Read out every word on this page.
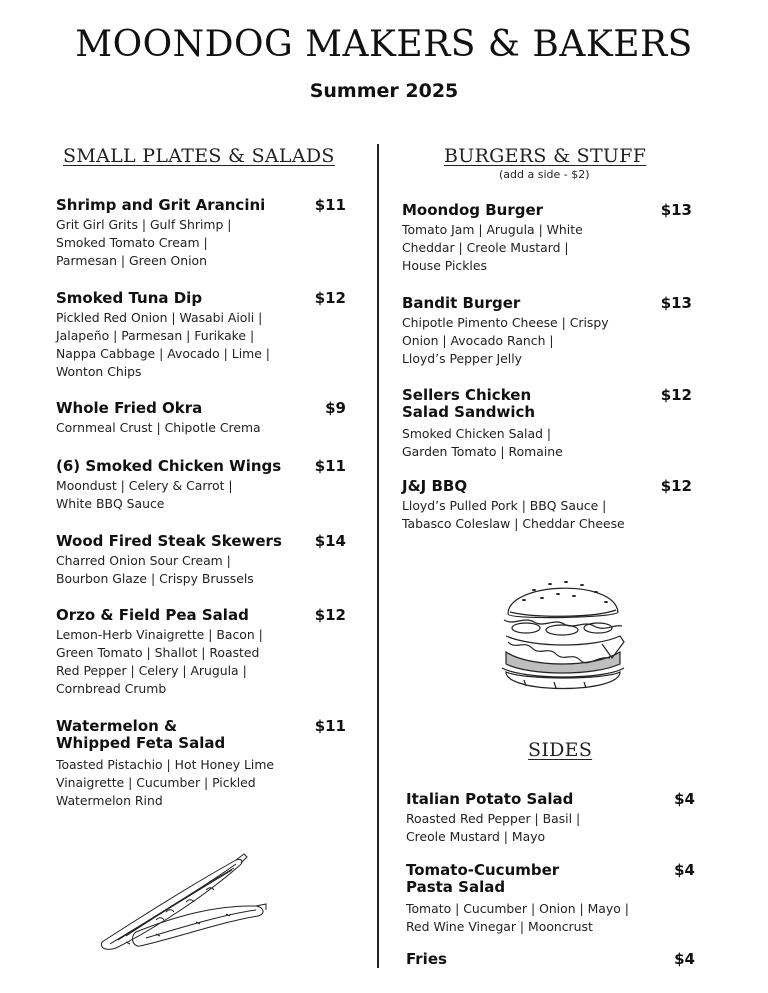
MOONDOG MAKERS & BAKERS
Summer 2025
SMALL PLATES & SALADS
Shrimp and Grit Arancini	$11
Grit Girl Grits | Gulf Shrimp |
Smoked Tomato Cream |
Parmesan | Green Onion
Smoked Tuna Dip	$12
Pickled Red Onion | Wasabi Aioli |
Jalapeño | Parmesan | Furikake |
Nappa Cabbage | Avocado | Lime |
Wonton Chips
Whole Fried Okra	$9
Cornmeal Crust | Chipotle Crema
(6) Smoked Chicken Wings	$11
Moondust | Celery & Carrot |
White BBQ Sauce
Wood Fired Steak Skewers	$14
Charred Onion Sour Cream |
Bourbon Glaze | Crispy Brussels
Orzo & Field Pea Salad	$12
Lemon-Herb Vinaigrette | Bacon |
Green Tomato | Shallot | Roasted
Red Pepper | Celery | Arugula |
Cornbread Crumb
Watermelon &
Whipped Feta Salad
$11
Toasted Pistachio | Hot Honey Lime
Vinaigrette | Cucumber | Pickled
Watermelon Rind
BURGERS & STUFF
(add a side - $2)
Moondog Burger	$13
Tomato Jam | Arugula | White
Cheddar | Creole Mustard |
House Pickles
Bandit Burger	$13
Chipotle Pimento Cheese | Crispy
Onion | Avocado Ranch |
Lloyd’s Pepper Jelly
Sellers Chicken
Salad Sandwich
$12
Smoked Chicken Salad |
Garden Tomato | Romaine
J&J BBQ	$12
Lloyd’s Pulled Pork | BBQ Sauce |
Tabasco Coleslaw | Cheddar Cheese
SIDES
Italian Potato Salad	$4
Roasted Red Pepper | Basil |
Creole Mustard | Mayo
Tomato-Cucumber
Pasta Salad
$4
Tomato | Cucumber | Onion | Mayo |
Red Wine Vinegar | Mooncrust
Fries	$4
